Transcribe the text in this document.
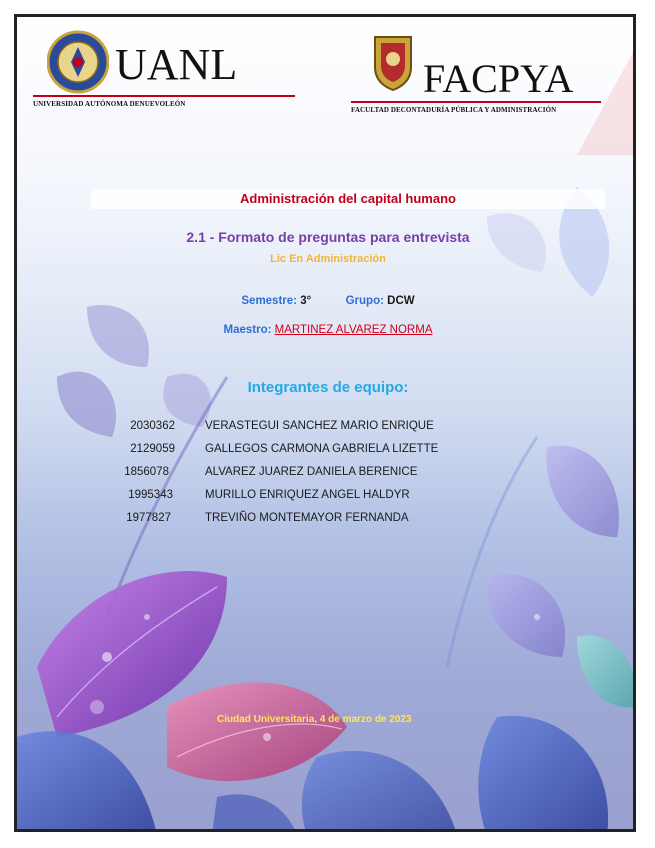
UANL
UNIVERSIDAD AUTÓNOMA DENUEVOLEÓN
FACPYA
FACULTAD DECONTADURÍA PÚBLICA Y ADMINISTRACIÓN
Administración del capital humano
2.1 - Formato de preguntas para entrevista
Lic En Administración
Semestre: 3°	Grupo: DCW
Maestro: MARTINEZ ALVAREZ NORMA
Integrantes de equipo:
2030362	VERASTEGUI SANCHEZ MARIO ENRIQUE
2129059	GALLEGOS CARMONA GABRIELA LIZETTE
1856078	ALVAREZ JUAREZ DANIELA BERENICE
1995343	MURILLO ENRIQUEZ ANGEL HALDYR
1977827	TREVIÑO MONTEMAYOR FERNANDA
Ciudad Universitaria, 4 de marzo de 2023
